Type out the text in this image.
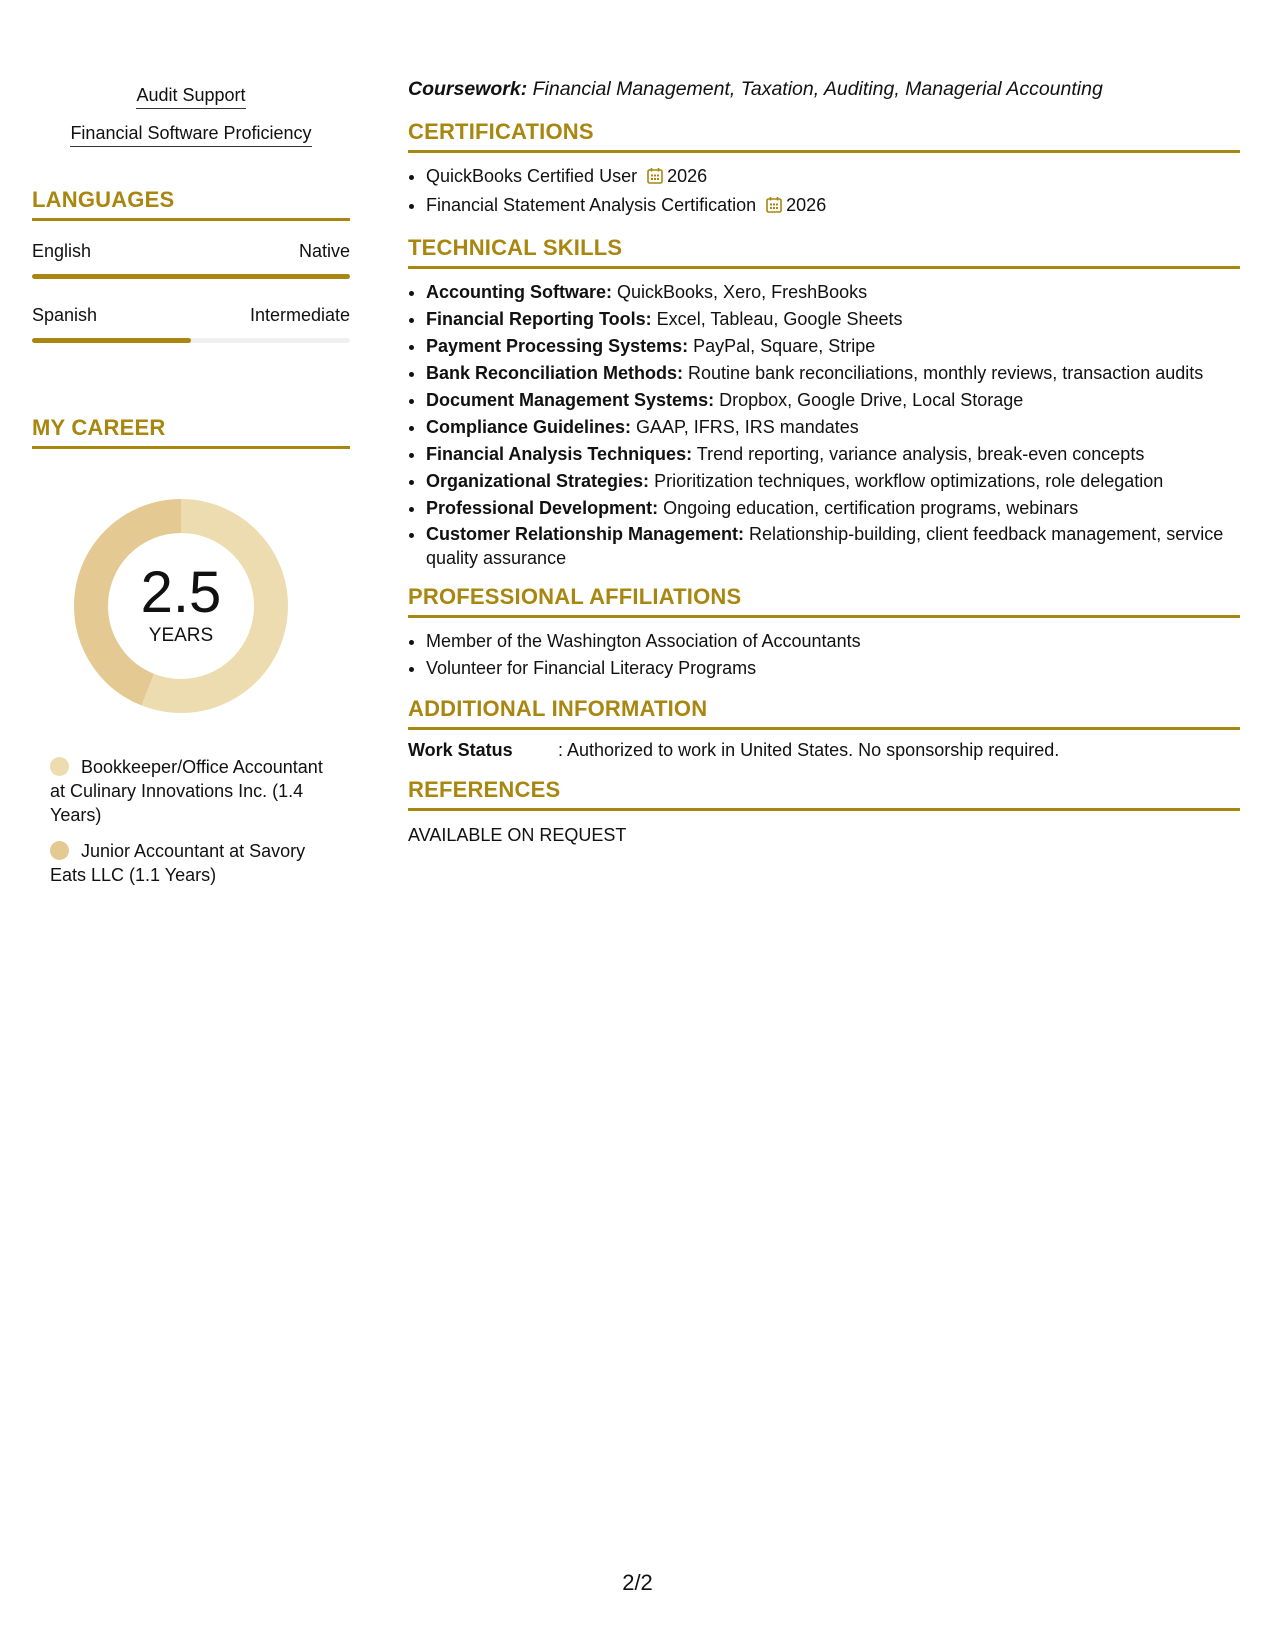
Audit Support
Financial Software Proficiency
LANGUAGES
English	Native
Spanish	Intermediate
MY CAREER
2.5
YEARS
Bookkeeper/Office Accountant at Culinary Innovations Inc. (1.4 Years)
Junior Accountant at Savory Eats LLC (1.1 Years)
Coursework: Financial Management, Taxation, Auditing, Managerial Accounting
CERTIFICATIONS
• QuickBooks Certified User 2026
• Financial Statement Analysis Certification 2026
TECHNICAL SKILLS
• Accounting Software: QuickBooks, Xero, FreshBooks
• Financial Reporting Tools: Excel, Tableau, Google Sheets
• Payment Processing Systems: PayPal, Square, Stripe
• Bank Reconciliation Methods: Routine bank reconciliations, monthly reviews, transaction audits
• Document Management Systems: Dropbox, Google Drive, Local Storage
• Compliance Guidelines: GAAP, IFRS, IRS mandates
• Financial Analysis Techniques: Trend reporting, variance analysis, break-even concepts
• Organizational Strategies: Prioritization techniques, workflow optimizations, role delegation
• Professional Development: Ongoing education, certification programs, webinars
• Customer Relationship Management: Relationship-building, client feedback management, service quality assurance
PROFESSIONAL AFFILIATIONS
• Member of the Washington Association of Accountants
• Volunteer for Financial Literacy Programs
ADDITIONAL INFORMATION
Work Status	: Authorized to work in United States. No sponsorship required.
REFERENCES
AVAILABLE ON REQUEST
2/2
